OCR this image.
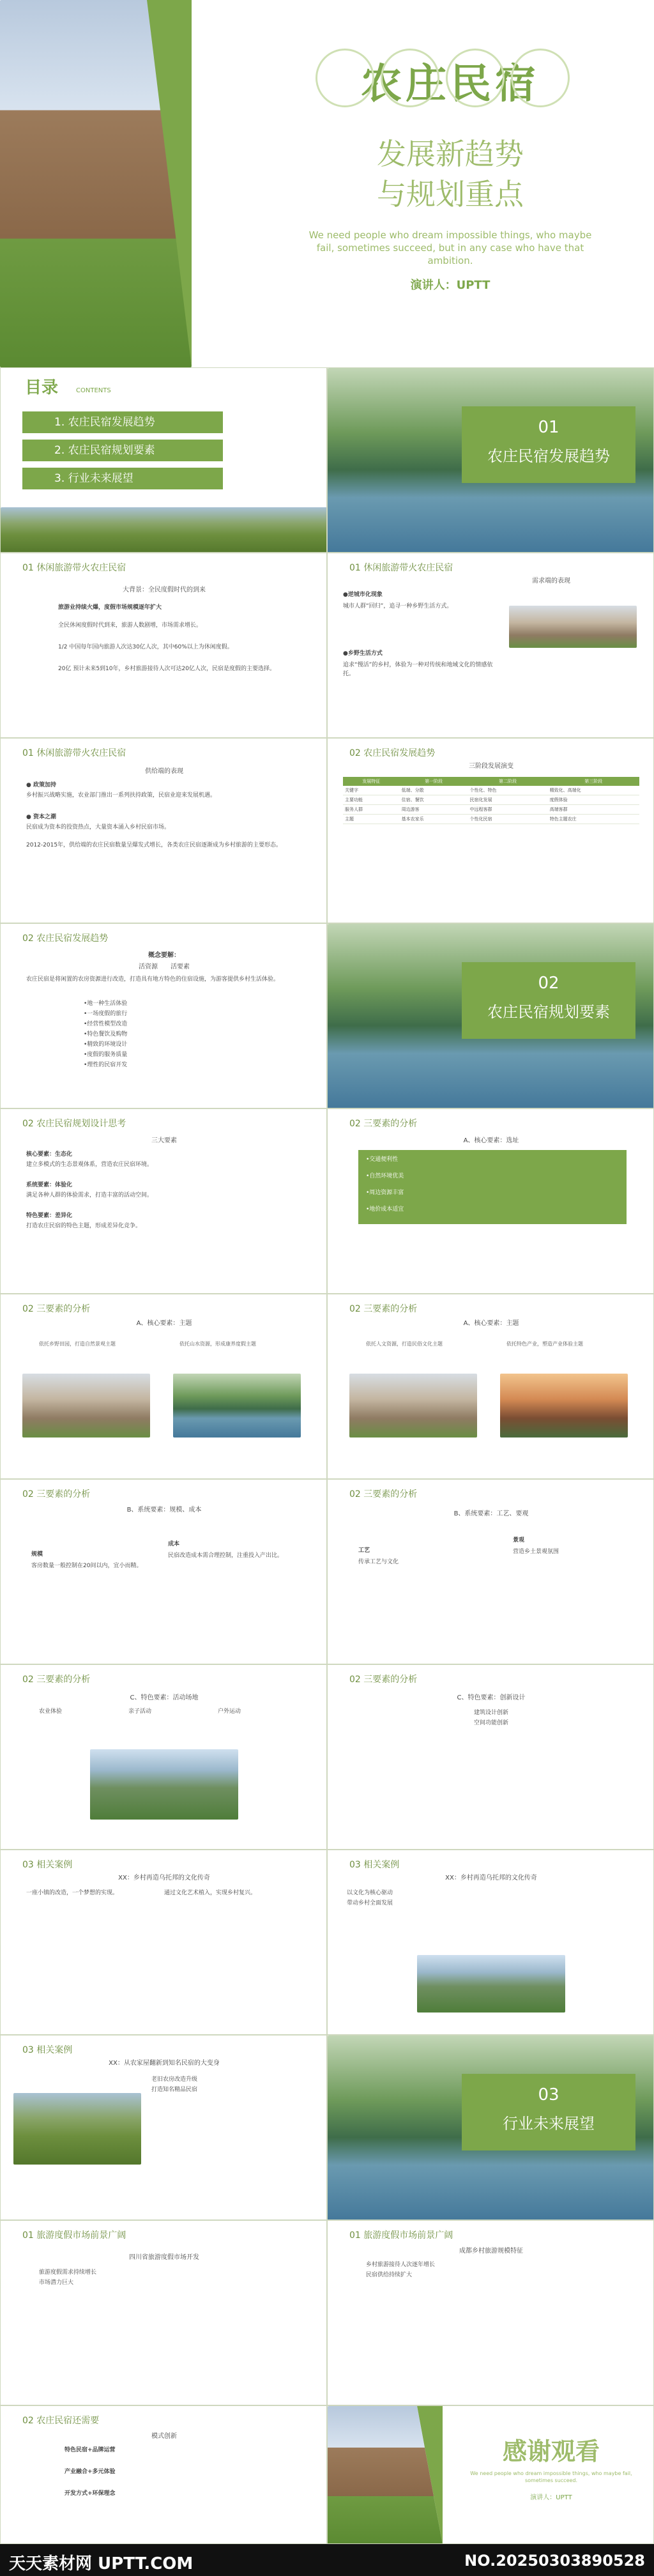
农庄民宿
发展新趋势
与规划重点
We need people who dream impossible things, who maybe fail, sometimes succeed, but in any case who have that ambition.
演讲人：UPTT
目录	CONTENTS
1. 农庄民宿发展趋势
2. 农庄民宿规划要素
3. 行业未来展望
01
农庄民宿发展趋势
01 休闲旅游带火农庄民宿
大背景：全民度假时代的到来
旅游业持续火爆，度假市场规模逐年扩大
全民休闲度假时代到来，旅游人数剧增，市场需求增长。
1/2 中国每年国内旅游人次达30亿人次，其中60%以上为休闲度假。
20亿 预计未来5到10年，乡村旅游接待人次可达20亿人次，民宿是度假的主要选择。
01 休闲旅游带火农庄民宿
需求端的表现
●逆城市化现象
城市人群“回归”，追寻一种乡野生活方式。
●乡野生活方式
追求“慢活”的乡村，体验为一种对传统和地域文化的情感依托。
01 休闲旅游带火农庄民宿
供给端的表现
● 政策加持
乡村振兴战略实施，农业部门推出一系列扶持政策，民宿业迎来发展机遇。
● 资本之潮
民宿成为资本的投资热点，大量资本涌入乡村民宿市场。
2012-2015年，供给端的农庄民宿数量呈爆发式增长，各类农庄民宿逐渐成为乡村旅游的主要形态。
02 农庄民宿发展趋势
三阶段发展演变
发展特征	第一阶段	第二阶段	第三阶段
关键字	低端、分散	个性化、特色	精致化、高端化
主要功能	住宿、餐饮	民宿化发展	度假体验
服务人群	周边游客	中远程客群	高端客群
主题	基本农家乐	个性化民宿	特色主题农庄
02 农庄民宿发展趋势
概念要解：
活资源　　活要素
农庄民宿是将闲置的农房资源进行改造，打造具有地方特色的住宿设施，为游客提供乡村生活体验。
•地一种生活体验
•一场度假的旅行
•经营性模型改造
•特色餐饮及购物
•精致的环境设计
•度假的服务质量
•理性的民宿开发
02
农庄民宿规划要素
02 农庄民宿规划设计思考
三大要素
核心要素：生态化
建立多模式的生态景观体系，营造农庄民宿环境。
系统要素：体验化
满足各种人群的体验需求，打造丰富的活动空间。
特色要素：差异化
打造农庄民宿的特色主题，形成差异化竞争。
02 三要素的分析
A、核心要素：选址
•交通便利性
•自然环境优美
•周边资源丰富
•地价成本适宜
02 三要素的分析
A、核心要素：主题
依托乡野田园，打造自然景观主题	依托山水资源，形成康养度假主题
02 三要素的分析
A、核心要素：主题
依托人文资源，打造民俗文化主题	依托特色产业，塑造产业体验主题
02 三要素的分析
B、系统要素：规模、成本
规模
客房数量一般控制在20间以内，宜小而精。
成本
民宿改造成本需合理控制，注重投入产出比。
02 三要素的分析
B、系统要素：工艺、要观
工艺
传承工艺与文化
景观
营造乡土景观氛围
02 三要素的分析
C、特色要素：活动场地
农业体验	亲子活动	户外运动
02 三要素的分析
C、特色要素：创新设计
建筑设计创新
空间功能创新
03 相关案例
XX：乡村再造乌托邦的文化传奇
一座小镇的改造，一个梦想的实现。	通过文化艺术植入，实现乡村复兴。
03 相关案例
XX：乡村再造乌托邦的文化传奇
以文化为核心驱动
带动乡村全面发展
03 相关案例
XX：从农家屋翻新到知名民宿的大变身
老旧农房改造升级
打造知名精品民宿	03
行业未来展望
01 旅游度假市场前景广阔
四川省旅游度假市场开发
旅游度假需求持续增长
市场潜力巨大
01 旅游度假市场前景广阔
成都乡村旅游规模特征
乡村旅游接待人次逐年增长
民宿供给持续扩大
02 农庄民宿还需要
模式创新
特色民宿+品牌运营
产业融合+多元体验
开发方式+环保理念
感谢观看
We need people who dream impossible things, who maybe fail, sometimes succeed.
演讲人：UPTT
天天素材网 UPTT.COM	NO.20250303890528
